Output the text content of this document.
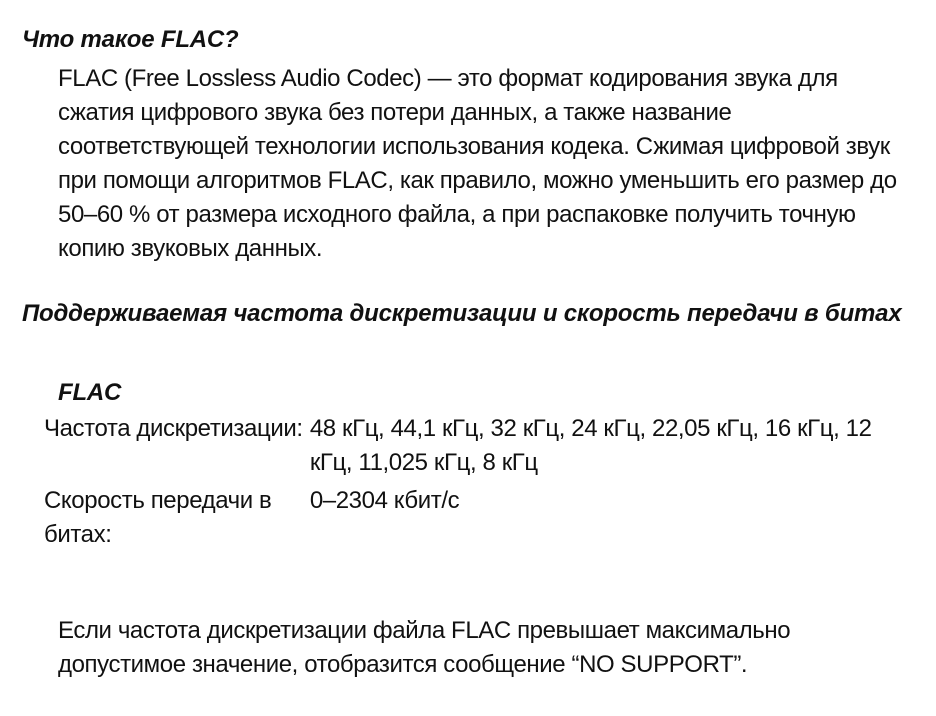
Что такое FLAC?

FLAC (Free Lossless Audio Codec) — это формат кодирования звука для сжатия цифрового звука без потери данных, а также название соответствующей технологии использования кодека. Сжимая цифровой звук при помощи алгоритмов FLAC, как правило, можно уменьшить его размер до 50–60 % от размера исходного файла, а при распаковке получить точную копию звуковых данных.

Поддерживаемая частота дискретизации и скорость передачи в битах
FLAC
Частота дискретизации:	48 кГц, 44,1 кГц, 32 кГц, 24 кГц, 22,05 кГц, 16 кГц, 12 кГц, 11,025 кГц, 8 кГц
Скорость передачи в битах:	0–2304 кбит/с

Если частота дискретизации файла FLAC превышает максимально допустимое значение, отобразится сообщение “NO SUPPORT”.
